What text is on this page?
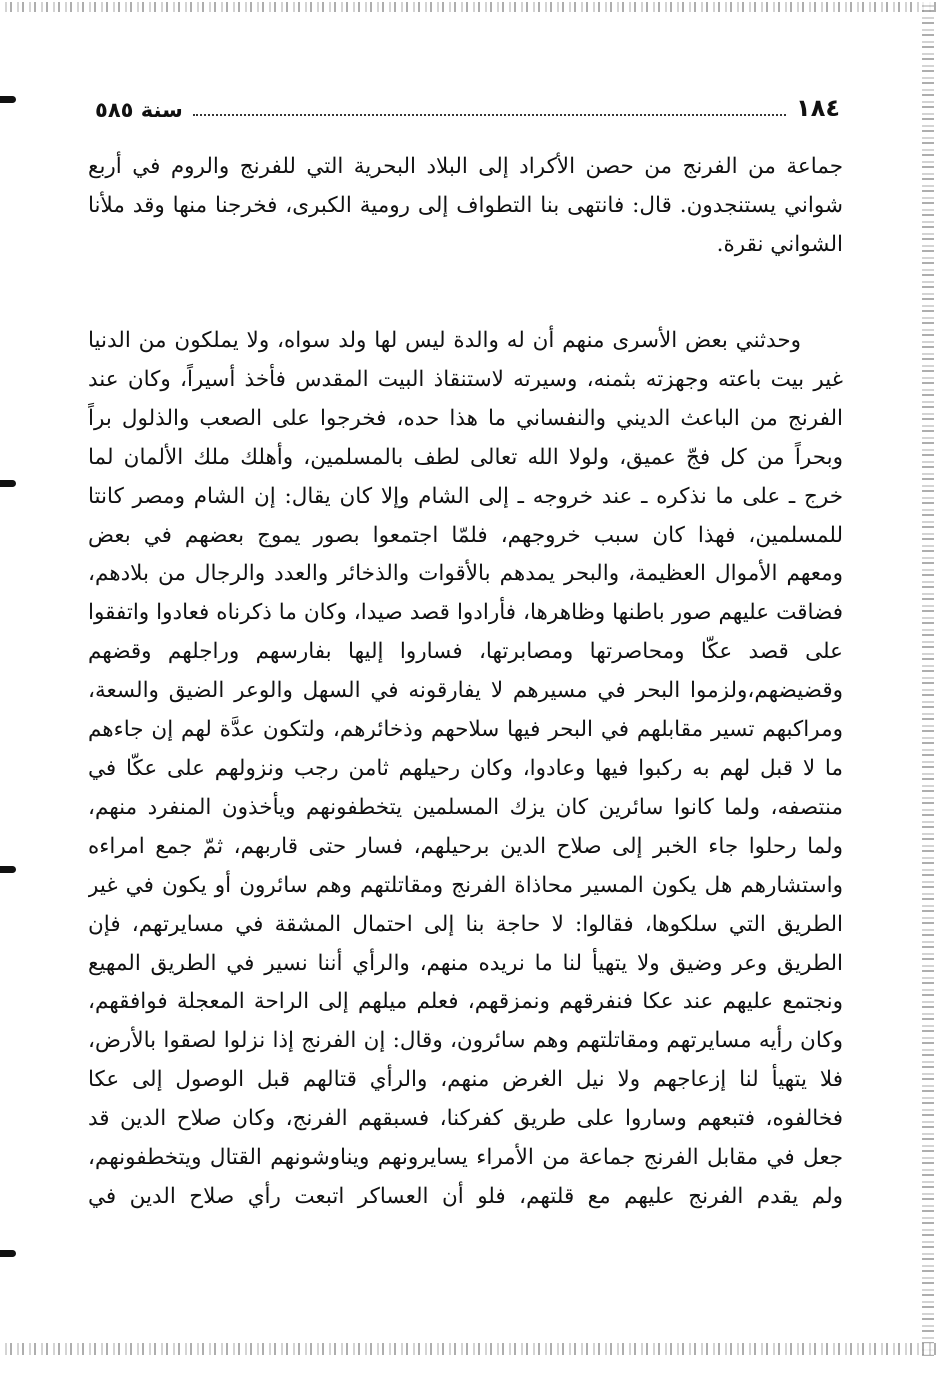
سنة ٥٨٥	١٨٤
جماعة من الفرنج من حصن الأكراد إلى البلاد البحرية التي للفرنج والروم في أربع
شواني يستنجدون. قال: فانتهى بنا التطواف إلى رومية الكبرى، فخرجنا منها وقد ملأنا
الشواني نقرة.
وحدثني بعض الأسرى منهم أن له والدة ليس لها ولد سواه، ولا يملكون من الدنيا
غير بيت باعته وجهزته بثمنه، وسيرته لاستنقاذ البيت المقدس فأخذ أسيراً، وكان عند
الفرنج من الباعث الديني والنفساني ما هذا حده، فخرجوا على الصعب والذلول براً
وبحراً من كل فجّ عميق، ولولا الله تعالى لطف بالمسلمين، وأهلك ملك الألمان لما
خرج ـ على ما نذكره ـ عند خروجه ـ إلى الشام وإلا كان يقال: إن الشام ومصر كانتا
للمسلمين، فهذا كان سبب خروجهم، فلمّا اجتمعوا بصور يموج بعضهم في بعض
ومعهم الأموال العظيمة، والبحر يمدهم بالأقوات والذخائر والعدد والرجال من بلادهم،
فضاقت عليهم صور باطنها وظاهرها، فأرادوا قصد صيدا، وكان ما ذكرناه فعادوا واتفقوا
على قصد عكّا ومحاصرتها ومصابرتها، فساروا إليها بفارسهم وراجلهم وقضهم
وقضيضهم،ولزموا البحر في مسيرهم لا يفارقونه في السهل والوعر الضيق والسعة،
ومراكبهم تسير مقابلهم في البحر فيها سلاحهم وذخائرهم، ولتكون عدَّة لهم إن جاءهم
ما لا قبل لهم به ركبوا فيها وعادوا، وكان رحيلهم ثامن رجب ونزولهم على عكّا في
منتصفه، ولما كانوا سائرين كان يزك المسلمين يتخطفونهم ويأخذون المنفرد منهم،
ولما رحلوا جاء الخبر إلى صلاح الدين برحيلهم، فسار حتى قاربهم، ثمّ جمع امراءه
واستشارهم هل يكون المسير محاذاة الفرنج ومقاتلتهم وهم سائرون أو يكون في غير
الطريق التي سلكوها، فقالوا: لا حاجة بنا إلى احتمال المشقة في مسايرتهم، فإن
الطريق وعر وضيق ولا يتهيأ لنا ما نريده منهم، والرأي أننا نسير في الطريق المهيع
ونجتمع عليهم عند عكا فنفرقهم ونمزقهم، فعلم ميلهم إلى الراحة المعجلة فوافقهم،
وكان رأيه مسايرتهم ومقاتلتهم وهم سائرون، وقال: إن الفرنج إذا نزلوا لصقوا بالأرض،
فلا يتهيأ لنا إزعاجهم ولا نيل الغرض منهم، والرأي قتالهم قبل الوصول إلى عكا
فخالفوه، فتبعهم وساروا على طريق كفركنا، فسبقهم الفرنج، وكان صلاح الدين قد
جعل في مقابل الفرنج جماعة من الأمراء يسايرونهم ويناوشونهم القتال ويتخطفونهم،
ولم يقدم الفرنج عليهم مع قلتهم، فلو أن العساكر اتبعت رأي صلاح الدين في
